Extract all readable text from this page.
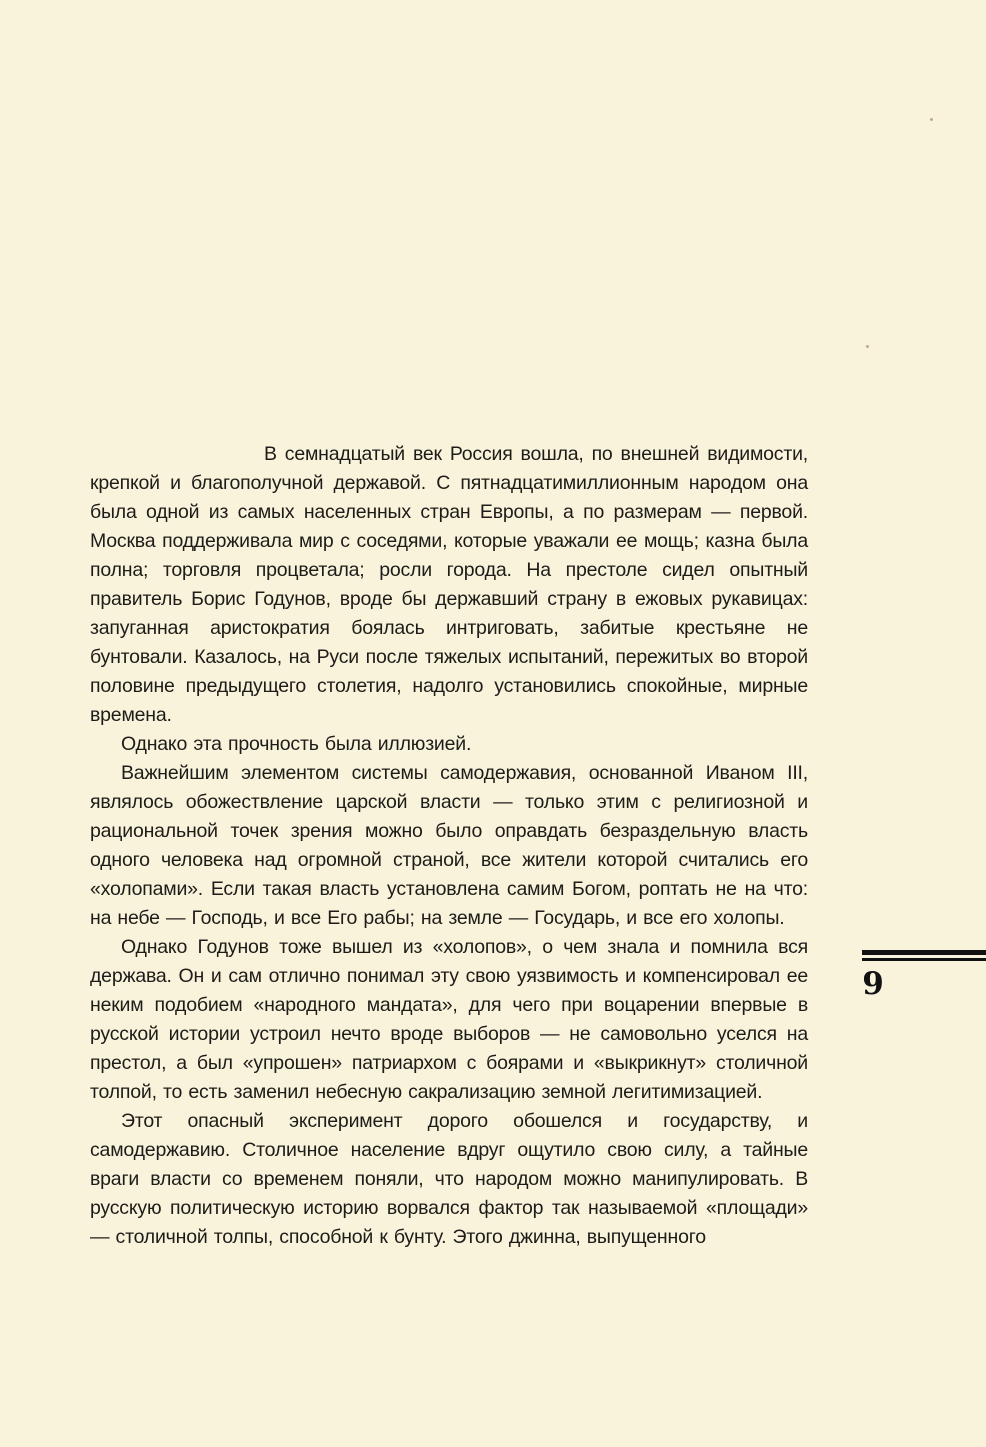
В семнадцатый век Россия вошла, по внешней видимости, крепкой и благополучной державой. С пятнадцатимиллионным народом она была одной из самых населенных стран Европы, а по размерам — первой. Москва поддерживала мир с соседями, которые уважали ее мощь; казна была полна; торговля процветала; росли города. На престоле сидел опытный правитель Борис Годунов, вроде бы державший страну в ежовых рукавицах: запуганная аристократия боялась интриговать, забитые крестьяне не бунтовали. Казалось, на Руси после тяжелых испытаний, пережитых во второй половине предыдущего столетия, надолго установились спокойные, мирные времена.

Однако эта прочность была иллюзией.

Важнейшим элементом системы самодержавия, основанной Иваном III, являлось обожествление царской власти — только этим с религиозной и рациональной точек зрения можно было оправдать безраздельную власть одного человека над огромной страной, все жители которой считались его «холопами». Если такая власть установлена самим Богом, роптать не на что: на небе — Господь, и все Его рабы; на земле — Государь, и все его холопы.

Однако Годунов тоже вышел из «холопов», о чем знала и помнила вся держава. Он и сам отлично понимал эту свою уязвимость и компенсировал ее неким подобием «народного мандата», для чего при воцарении впервые в русской истории устроил нечто вроде выборов — не самовольно уселся на престол, а был «упрошен» патриархом с боярами и «выкрикнут» столичной толпой, то есть заменил небесную сакрализацию земной легитимизацией.

Этот опасный эксперимент дорого обошелся и государству, и самодержавию. Столичное население вдруг ощутило свою силу, а тайные враги власти со временем поняли, что народом можно манипулировать. В русскую политическую историю ворвался фактор так называемой «площади» — столичной толпы, способной к бунту. Этого джинна, выпущенного

9
